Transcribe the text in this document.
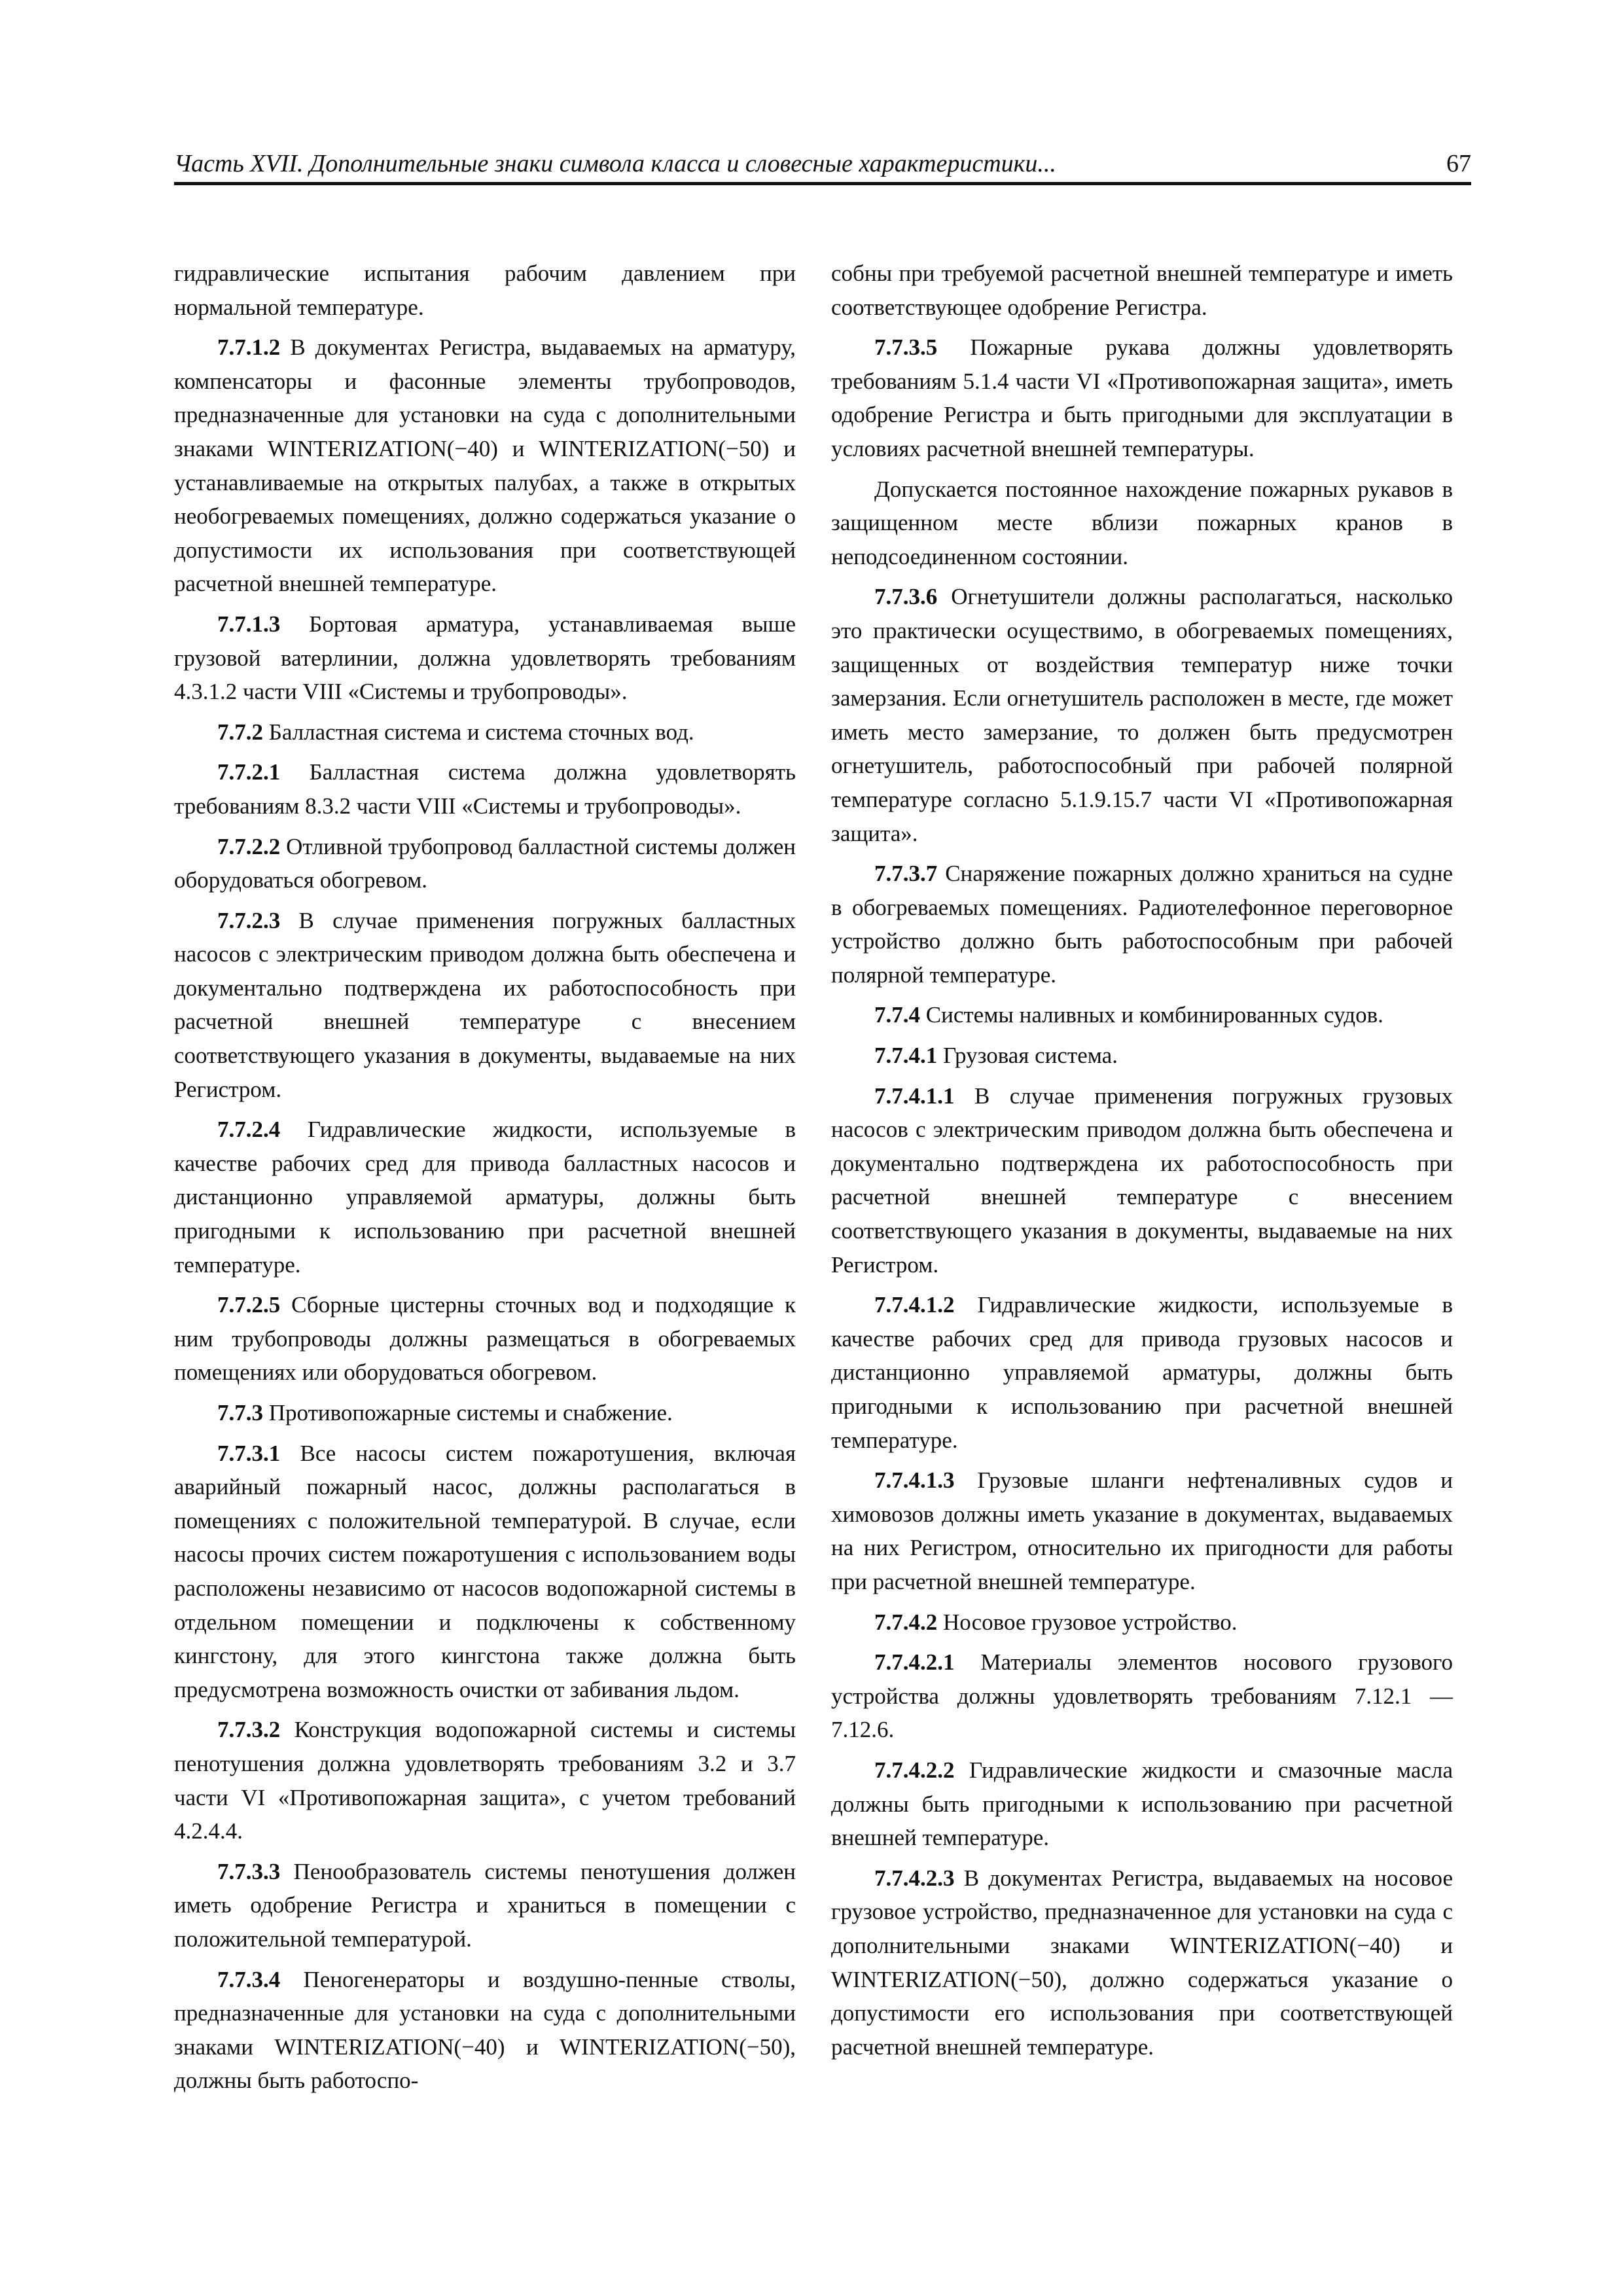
Часть XVII. Дополнительные знаки символа класса и словесные характеристики...	67

гидравлические испытания рабочим давлением при нормальной температуре.

7.7.1.2 В документах Регистра, выдаваемых на арматуру, компенсаторы и фасонные элементы трубопроводов, предназначенные для установки на суда с дополнительными знаками WINTERIZATION(−40) и WINTERIZATION(−50) и устанавливаемые на открытых палубах, а также в открытых необогреваемых помещениях, должно содержаться указание о допустимости их использования при соответствующей расчетной внешней температуре.

7.7.1.3 Бортовая арматура, устанавливаемая выше грузовой ватерлинии, должна удовлетворять требованиям 4.3.1.2 части VIII «Системы и трубопроводы».

7.7.2 Балластная система и система сточных вод.

7.7.2.1 Балластная система должна удовлетворять требованиям 8.3.2 части VIII «Системы и трубопроводы».

7.7.2.2 Отливной трубопровод балластной системы должен оборудоваться обогревом.

7.7.2.3 В случае применения погружных балластных насосов с электрическим приводом должна быть обеспечена и документально подтверждена их работоспособность при расчетной внешней температуре с внесением соответствующего указания в документы, выдаваемые на них Регистром.

7.7.2.4 Гидравлические жидкости, используемые в качестве рабочих сред для привода балластных насосов и дистанционно управляемой арматуры, должны быть пригодными к использованию при расчетной внешней температуре.

7.7.2.5 Сборные цистерны сточных вод и подходящие к ним трубопроводы должны размещаться в обогреваемых помещениях или оборудоваться обогревом.

7.7.3 Противопожарные системы и снабжение.

7.7.3.1 Все насосы систем пожаротушения, включая аварийный пожарный насос, должны располагаться в помещениях с положительной температурой. В случае, если насосы прочих систем пожаротушения с использованием воды расположены независимо от насосов водопожарной системы в отдельном помещении и подключены к собственному кингстону, для этого кингстона также должна быть предусмотрена возможность очистки от забивания льдом.

7.7.3.2 Конструкция водопожарной системы и системы пенотушения должна удовлетворять требованиям 3.2 и 3.7 части VI «Противопожарная защита», с учетом требований 4.2.4.4.

7.7.3.3 Пенообразователь системы пенотушения должен иметь одобрение Регистра и храниться в помещении с положительной температурой.

7.7.3.4 Пеногенераторы и воздушно-пенные стволы, предназначенные для установки на суда с дополнительными знаками WINTERIZATION(−40) и WINTERIZATION(−50), должны быть работоспо-

собны при требуемой расчетной внешней температуре и иметь соответствующее одобрение Регистра.

7.7.3.5 Пожарные рукава должны удовлетворять требованиям 5.1.4 части VI «Противопожарная защита», иметь одобрение Регистра и быть пригодными для эксплуатации в условиях расчетной внешней температуры.

Допускается постоянное нахождение пожарных рукавов в защищенном месте вблизи пожарных кранов в неподсоединенном состоянии.

7.7.3.6 Огнетушители должны располагаться, насколько это практически осуществимо, в обогреваемых помещениях, защищенных от воздействия температур ниже точки замерзания. Если огнетушитель расположен в месте, где может иметь место замерзание, то должен быть предусмотрен огнетушитель, работоспособный при рабочей полярной температуре согласно 5.1.9.15.7 части VI «Противопожарная защита».

7.7.3.7 Снаряжение пожарных должно храниться на судне в обогреваемых помещениях. Радиотелефонное переговорное устройство должно быть работоспособным при рабочей полярной температуре.

7.7.4 Системы наливных и комбинированных судов.

7.7.4.1 Грузовая система.

7.7.4.1.1 В случае применения погружных грузовых насосов с электрическим приводом должна быть обеспечена и документально подтверждена их работоспособность при расчетной внешней температуре с внесением соответствующего указания в документы, выдаваемые на них Регистром.

7.7.4.1.2 Гидравлические жидкости, используемые в качестве рабочих сред для привода грузовых насосов и дистанционно управляемой арматуры, должны быть пригодными к использованию при расчетной внешней температуре.

7.7.4.1.3 Грузовые шланги нефтеналивных судов и химовозов должны иметь указание в документах, выдаваемых на них Регистром, относительно их пригодности для работы при расчетной внешней температуре.

7.7.4.2 Носовое грузовое устройство.

7.7.4.2.1 Материалы элементов носового грузового устройства должны удовлетворять требованиям 7.12.1 — 7.12.6.

7.7.4.2.2 Гидравлические жидкости и смазочные масла должны быть пригодными к использованию при расчетной внешней температуре.

7.7.4.2.3 В документах Регистра, выдаваемых на носовое грузовое устройство, предназначенное для установки на суда с дополнительными знаками WINTERIZATION(−40) и WINTERIZATION(−50), должно содержаться указание о допустимости его использования при соответствующей расчетной внешней температуре.
